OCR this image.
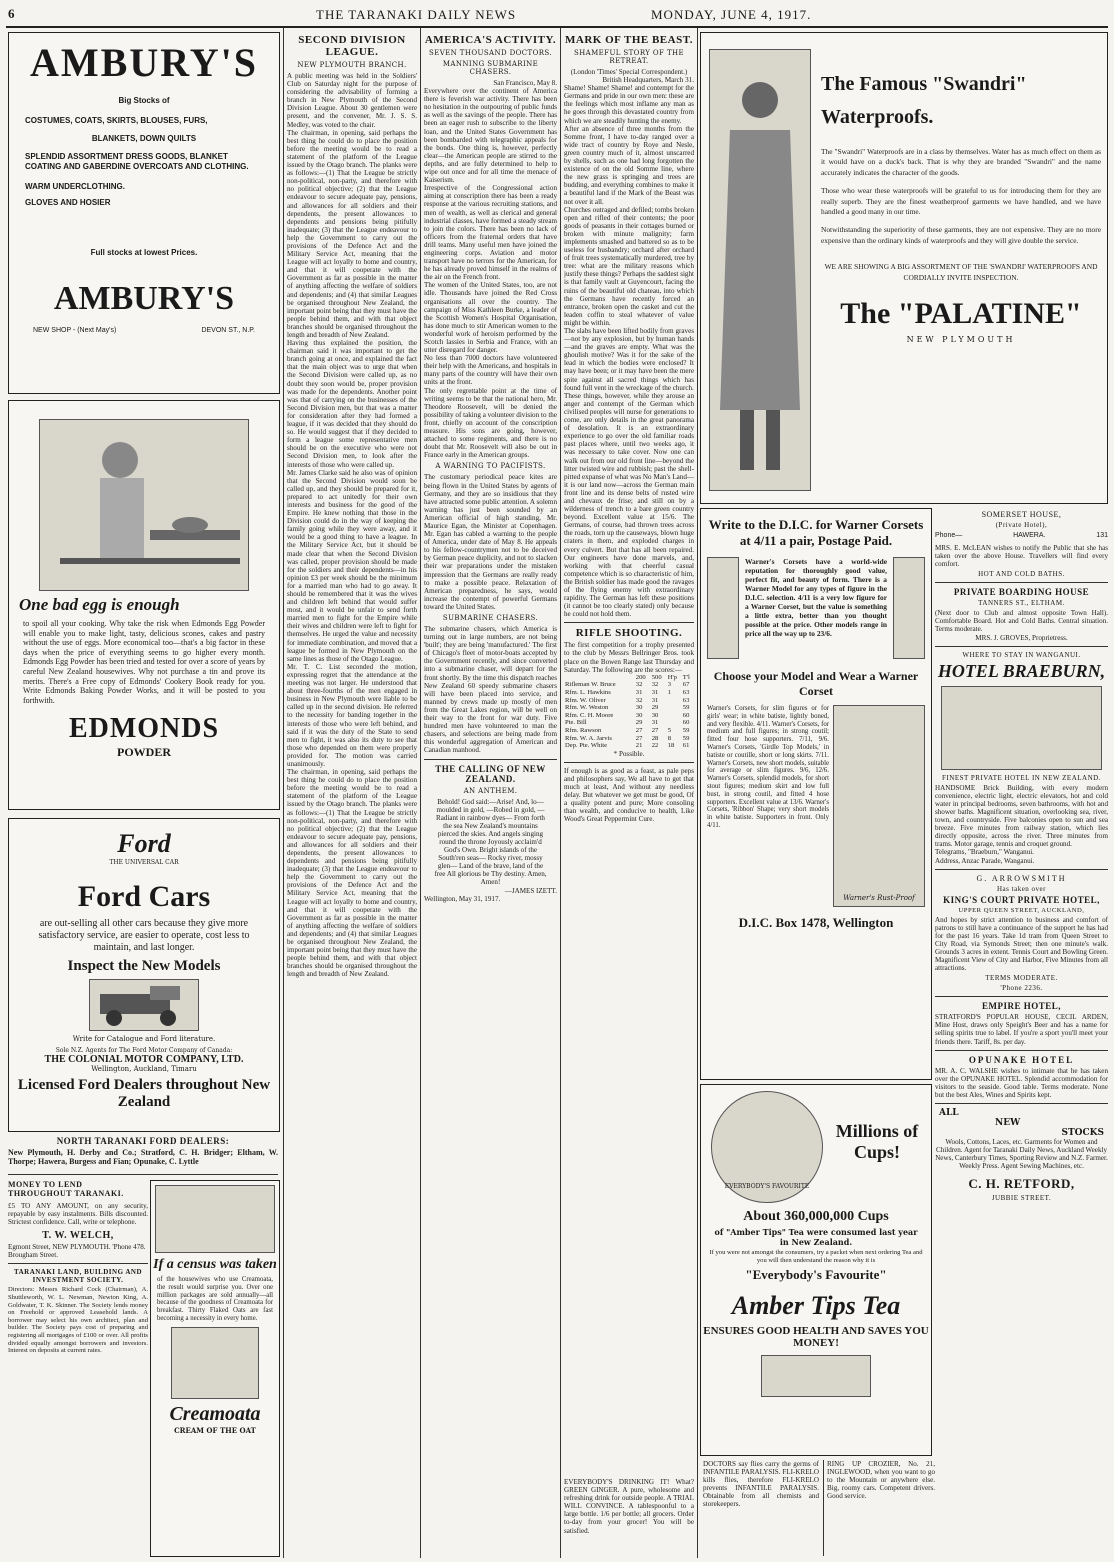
6	THE TARANAKI DAILY NEWS	MONDAY, JUNE 4, 1917.
AMBURY'S
Big Stocks of
COSTUMES, COATS, SKIRTS, BLOUSES, FURS,
BLANKETS, DOWN QUILTS
SPLENDID ASSORTMENT DRESS GOODS, BLANKET COATING AND GABERDINE OVERCOATS AND CLOTHING.
WARM UNDERCLOTHING.
GLOVES AND HOSIER
Full stocks at lowest Prices.
AMBURY'S
NEW SHOP - (Next May's)	DEVON ST., N.P.
One bad egg is enough

to spoil all your cooking. Why take the risk when Edmonds Egg Powder will enable you to make light, tasty, delicious scones, cakes and pastry without the use of eggs. More economical too—that's a big factor in these days when the price of everything seems to go higher every month. Edmonds Egg Powder has been tried and tested for over a score of years by careful New Zealand housewives. Why not purchase a tin and prove its merits. There's a Free copy of Edmonds' Cookery Book ready for you. Write Edmonds Baking Powder Works, and it will be posted to you forthwith.

EDMONDS
POWDER
Ford
THE UNIVERSAL CAR
Ford Cars

are out-selling all other cars because they give more satisfactory service, are easier to operate, cost less to maintain, and last longer.

Inspect the New Models
Write for Catalogue and Ford literature.
Sole N.Z. Agents for The Ford Motor Company of Canada:
THE COLONIAL MOTOR COMPANY, LTD.
Wellington, Auckland, Timaru
Licensed Ford Dealers throughout New Zealand
NORTH TARANAKI FORD DEALERS:

New Plymouth, H. Derby and Co.; Stratford, C. H. Bridger; Eltham, W. Thorpe; Hawera, Burgess and Fian; Opunake, C. Lyttle

MONEY TO LEND THROUGHOUT TARANAKI.

£5 TO ANY AMOUNT, on any security, repayable by easy instalments. Bills discounted. Strictest confidence. Call, write or telephone.

T. W. WELCH,

Egmont Street, NEW PLYMOUTH. 'Phone 478.

Brougham Street.

TARANAKI LAND, BUILDING AND INVESTMENT SOCIETY.

Directors: Messrs Richard Cock (Chairman), A. Shuttleworth, W. L. Newman, Newton King, A. Goldwater, T. K. Skinner. The Society lends money on Freehold or approved Leasehold lands. A borrower may select his own architect, plan and builder. The Society pays cost of preparing and registering all mortgages of £100 or over. All profits divided equally amongst borrowers and investors. Interest on deposits at current rates.

If a census was taken

of the housewives who use Creamoata, the result would surprise you. Over one million packages are sold annually—all because of the goodness of Creamoata for breakfast. Thirty Flaked Oats are fast becoming a necessity in every home.

Creamoata
CREAM OF THE OAT
SECOND DIVISION LEAGUE.
NEW PLYMOUTH BRANCH.

A public meeting was held in the Soldiers' Club on Saturday night for the purpose of considering the advisability of forming a branch in New Plymouth of the Second Division League. About 30 gentlemen were present, and the convener, Mr. J. S. S. Medley, was voted to the chair.

The chairman, in opening, said perhaps the best thing he could do to place the position before the meeting would be to read a statement of the platform of the League issued by the Otago branch. The planks were as follows:—(1) That the League be strictly non-political, non-party, and therefore with no political objective; (2) that the League endeavour to secure adequate pay, pensions, and allowances for all soldiers and their dependents, the present allowances to dependents and pensions being pitifully inadequate; (3) that the League endeavour to help the Government to carry out the provisions of the Defence Act and the Military Service Act, meaning that the League will act loyally to home and country, and that it will cooperate with the Government as far as possible in the matter of anything affecting the welfare of soldiers and dependents; and (4) that similar Leagues be organised throughout New Zealand, the important point being that they must have the people behind them, and with that object branches should be organised throughout the length and breadth of New Zealand.

Having thus explained the position, the chairman said it was important to get the branch going at once, and explained the fact that the main object was to urge that when the Second Division were called up, as no doubt they soon would be, proper provision was made for the dependents. Another point was that of carrying on the businesses of the Second Division men, but that was a matter for consideration after they had formed a league, if it was decided that they should do so. He would suggest that if they decided to form a league some representative men should be on the executive who were not Second Division men, to look after the interests of those who were called up.

Mr. James Clarke said he also was of opinion that the Second Division would soon be called up, and they should be prepared for it, prepared to act unitedly for their own interests and business for the good of the Empire. He knew nothing that those in the Division could do in the way of keeping the family going while they were away, and it would be a good thing to have a league. In the Military Service Act, but it should be made clear that when the Second Division was called, proper provision should be made for the soldiers and their dependents—in his opinion £3 per week should be the minimum for a married man who had to go away. It should be remembered that it was the wives and children left behind that would suffer most, and it would be unfair to send forth married men to fight for the Empire while their wives and children were left to fight for themselves. He urged the value and necessity for immediate combination, and moved that a league be formed in New Plymouth on the same lines as those of the Otago League.

Mr. T. C. List seconded the motion, expressing regret that the attendance at the meeting was not larger. He understood that about three-fourths of the men engaged in business in New Plymouth were liable to be called up in the second division. He referred to the necessity for banding together in the interests of those who were left behind, and said if it was the duty of the State to send men to fight, it was also its duty to see that those who depended on them were properly provided for. The motion was carried unanimously.

The chairman, in opening, said perhaps the best thing he could do to place the position before the meeting would be to read a statement of the platform of the League issued by the Otago branch. The planks were as follows:—(1) That the League be strictly non-political, non-party, and therefore with no political objective; (2) that the League endeavour to secure adequate pay, pensions, and allowances for all soldiers and their dependents, the present allowances to dependents and pensions being pitifully inadequate; (3) that the League endeavour to help the Government to carry out the provisions of the Defence Act and the Military Service Act, meaning that the League will act loyally to home and country, and that it will cooperate with the Government as far as possible in the matter of anything affecting the welfare of soldiers and dependents; and (4) that similar Leagues be organised throughout New Zealand, the important point being that they must have the people behind them, and with that object branches should be organised throughout the length and breadth of New Zealand.

AMERICA'S ACTIVITY.
SEVEN THOUSAND DOCTORS.
MANNING SUBMARINE CHASERS.

San Francisco, May 8.

Everywhere over the continent of America there is feverish war activity. There has been no hesitation in the outpouring of public funds as well as the savings of the people. There has been an eager rush to subscribe to the liberty loan, and the United States Government has been bombarded with telegraphic appeals for the bonds. One thing is, however, perfectly clear—the American people are stirred to the depths, and are fully determined to help to wipe out once and for all time the menace of Kaiserism.

Irrespective of the Congressional action aiming at conscription there has been a ready response at the various recruiting stations, and men of wealth, as well as clerical and general industrial classes, have formed a steady stream to join the colors. There has been no lack of officers from the fraternal orders that have drill teams. Many useful men have joined the engineering corps. Aviation and motor transport have no terrors for the American, for he has already proved himself in the realms of the air on the French front.

The women of the United States, too, are not idle. Thousands have joined the Red Cross organisations all over the country. The campaign of Miss Kathleen Burke, a leader of the Scottish Women's Hospital Organisation, has done much to stir American women to the wonderful work of heroism performed by the Scotch lassies in Serbia and France, with an utter disregard for danger.

No less than 7000 doctors have volunteered their help with the Americans, and hospitals in many parts of the country will have their own units at the front.

The only regrettable point at the time of writing seems to be that the national hero, Mr. Theodore Roosevelt, will be denied the possibility of taking a volunteer division to the front, chiefly on account of the conscription measure. His sons are going, however, attached to some regiments, and there is no doubt that Mr. Roosevelt will also be out in France early in the American groups.

A WARNING TO PACIFISTS.

The customary periodical peace kites are being flown in the United States by agents of Germany, and they are so insidious that they have attracted some public attention. A solemn warning has just been sounded by an American official of high standing, Mr. Maurice Egan, the Minister at Copenhagen. Mr. Egan has cabled a warning to the people of America, under date of May 8. He appeals to his fellow-countrymen not to be deceived by German peace duplicity, and not to slacken their war preparations under the mistaken impression that the Germans are really ready to make a possible peace. Relaxation of American preparedness, he says, would increase the contempt of powerful Germans toward the United States.

SUBMARINE CHASERS.

The submarine chasers, which America is turning out in large numbers, are not being 'built'; they are being 'manufactured.' The first of Chicago's fleet of motor-boats accepted by the Government recently, and since converted into a submarine chaser, will depart for the front shortly. By the time this dispatch reaches New Zealand 60 speedy submarine chasers will have been placed into service, and manned by crews made up mostly of men from the Great Lakes region, will be well on their way to the front for war duty. Five hundred men have volunteered to man the chasers, and selections are being made from this wonderful aggregation of American and Canadian manhood.

THE CALLING OF NEW ZEALAND.
AN ANTHEM.

Behold! God said:—Arise! And, lo—moulded in gold, —Robed in gold, —Radiant in rainbow dyes— From forth the sea New Zealand's mountains pierced the skies. And angels singing round the throne Joyously acclaim'd God's Own. Bright islands of the South'ren seas— Rocky river, mossy glen— Land of the brave, land of the free All glorious be Thy destiny. Amen, Amen!

—JAMES IZETT.

Wellington, May 31, 1917.

MARK OF THE BEAST.
SHAMEFUL STORY OF THE RETREAT.

(London 'Times' Special Correspondent.)

British Headquarters, March 31.

Shame! Shame! Shame! and contempt for the Germans and pride in our own men: these are the feelings which most inflame any man as he goes through this devastated country from which we are steadily hunting the enemy.

After an absence of three months from the Somme front, I have to-day ranged over a wide tract of country by Roye and Nesle, green country much of it, almost unscarred by shells, such as one had long forgotten the existence of on the old Somme line, where the new grass is springing and trees are budding, and everything combines to make it a beautiful land if the Mark of the Beast was not over it all.

Churches outraged and defiled; tombs broken open and rifled of their contents; the poor goods of peasants in their cottages burned or broken with minute malignity; farm implements smashed and battered so as to be useless for husbandry; orchard after orchard of fruit trees systematically murdered, tree by tree: what are the military reasons which justify these things? Perhaps the saddest sight is that family vault at Guyencourt, facing the ruins of the beautiful old chateau, into which the Germans have recently forced an entrance, broken open the casket and cut the leaden coffin to steal whatever of value might be within.

The slabs have been lifted bodily from graves—not by any explosion, but by human hands—and the graves are empty. What was the ghoulish motive? Was it for the sake of the lead in which the bodies were enclosed? It may have been; or it may have been the mere spite against all sacred things which has found full vent in the wreckage of the church.

These things, however, while they arouse an anger and contempt of the German which civilised peoples will nurse for generations to come, are only details in the great panorama of desolation. It is an extraordinary experience to go over the old familiar roads past places where, until two weeks ago, it was necessary to take cover. Now one can walk out from our old front line—beyond the litter twisted wire and rubbish; past the shell-pitted expanse of what was No Man's Land—it is our land now—across the German main front line and its dense belts of rusted wire and chevaux de frise; and still on by a wilderness of trench to a bare green country beyond. Excellent value at 15/6. The Germans, of course, had thrown trees across the roads, torn up the causeways, blown huge craters in them, and exploded charges in every culvert. But that has all been repaired. Our engineers have done marvels, and, working with that cheerful casual competence which is so characteristic of him, the British soldier has made good the ravages of the flying enemy with extraordinary rapidity. The German has left these positions (it cannot be too clearly stated) only because he could not hold them.

RIFLE SHOOTING.

The first competition for a trophy presented to the club by Messrs Bellringer Bros. took place on the Bowen Range last Thursday and Saturday. The following are the scores:—

	200	500	H'p	T'l
Rifleman W. Bruce	32	32	3	67
Rfm. L. Hawkins	31	31	1	63
Rfm. W. Oliver	32	31		63
Rfm. W. Weston	30	29		59
Rfm. C. H. Moore	30	30		60
Pte. Bill	29	31		60
Rfm. Rawson	27	27	5	59
Rfm. W. A. Jarvis	27	28	8	59
Dep. Pte. White	21	22	18	61

* Possible.

If enough is as good as a feast, as pale peps and philosophers say, We all have to get that much at least, And without any needless delay. But whatever we get must be good, Of a quality potent and pure; More consoling than wealth, and conducive to health, Like Wood's Great Peppermint Cure.

The Famous "Swandri"
Waterproofs.

The "Swandri" Waterproofs are in a class by themselves. Water has as much effect on them as it would have on a duck's back. That is why they are branded "Swandri" and the name accurately indicates the character of the goods.

Those who wear these waterproofs will be grateful to us for introducing them for they are really superb. They are the finest weatherproof garments we have handled, and we have handled a good many in our time.

Notwithstanding the superiority of these garments, they are not expensive. They are no more expensive than the ordinary kinds of waterproofs and they will give double the service.

WE ARE SHOWING A BIG ASSORTMENT OF THE 'SWANDRI' WATERPROOFS AND CORDIALLY INVITE INSPECTION.

The "PALATINE"
NEW PLYMOUTH
Write to the D.I.C. for Warner Corsets at 4/11 a pair, Postage Paid.

Warner's Corsets have a world-wide reputation for thoroughly good value, perfect fit, and beauty of form. There is a Warner Model for any types of figure in the D.I.C. selection. 4/11 is a very low figure for a Warner Corset, but the value is something a little extra, better than you thought possible at the price. Other models range in price all the way up to 23/6.

Choose your Model and Wear a Warner Corset

Warner's Corsets, for slim figures or for girls' wear; in white batiste, lightly boned, and very flexible. 4/11. Warner's Corsets, for medium and full figures; in strong coutil; fitted four hose supporters. 7/11, 9/6. Warner's Corsets, 'Girdle Top Models,' in batiste or coutille, short or long skirts. 7/11. Warner's Corsets, new short models, suitable for average or slim figures. 9/6, 12/6. Warner's Corsets, splendid models, for short stout figures; medium skirt and low full bust, in strong coutil, and fitted 4 hose supporters. Excellent value at 13/6. Warner's Corsets, 'Ribbon' Shape; very short models in white batiste. Supporters in front. Only 4/11.

Warner's Rust-Proof
D.I.C. Box 1478, Wellington
EVERYBODY'S FAVOURITE
Millions of Cups!
About 360,000,000 Cups
of "Amber Tips" Tea were consumed last year in New Zealand.

If you were not amongst the consumers, try a packet when next ordering Tea and you will then understand the reason why it is

"Everybody's Favourite"
Amber Tips Tea
ENSURES GOOD HEALTH AND SAVES YOU MONEY!

EVERYBODY'S DRINKING IT! What? GREEN GINGER. A pure, wholesome and refreshing drink for outside people. A TRIAL WILL CONVINCE. A tablespoonful to a large bottle. 1/6 per bottle; all grocers. Order to-day from your grocer! You will be satisfied.

DOCTORS say flies carry the germs of INFANTILE PARALYSIS. FLI-KRELO kills flies, therefore FLI-KRELO prevents INFANTILE PARALYSIS. Obtainable from all chemists and storekeepers.

RING UP CROZIER, No. 21, INGLEWOOD, when you want to go to the Mountain or anywhere else. Big, roomy cars. Competent drivers. Good service.

SOMERSET HOUSE,
(Private Hotel),
Phone—	HAWERA.	131

MRS. E. McLEAN wishes to notify the Public that she has taken over the above House. Travellers will find every comfort.

HOT AND COLD BATHS.
PRIVATE BOARDING HOUSE
TANNERS ST., ELTHAM.

(Next door to Club and almost opposite Town Hall). Comfortable Board. Hot and Cold Baths. Central situation. Terms moderate.

MRS. J. GROVES, Proprietress.

WHERE TO STAY IN WANGANUI.
HOTEL BRAEBURN,
FINEST PRIVATE HOTEL IN NEW ZEALAND.

HANDSOME Brick Building, with every modern convenience, electric light, electric elevators, hot and cold water in principal bedrooms, seven bathrooms, with hot and shower baths. Magnificent situation, overlooking sea, river, town, and countryside. Five balconies open to sun and sea breeze. Five minutes from railway station, which lies directly opposite, across the river. Three minutes from trams. Motor garage, tennis and croquet ground.

Telegrams, "Braeburn," Wanganui.

Address, Anzac Parade, Wanganui.

G. ARROWSMITH
Has taken over
KING'S COURT PRIVATE HOTEL,
UPPER QUEEN STREET, AUCKLAND,

And hopes by strict attention to business and comfort of patrons to still have a continuance of the support he has had for the past 16 years. Take 1d tram from Queen Street to City Road, via Symonds Street; then one minute's walk. Grounds 3 acres in extent. Tennis Court and Bowling Green. Magnificent View of City and Harbor, Five Minutes from all attractions.

TERMS MODERATE.
'Phone 2236.
EMPIRE HOTEL,

STRATFORD'S POPULAR HOUSE, CECIL ARDEN, Mine Host, draws only Speight's Beer and has a name for selling spirits true to label. If you're a sport you'll meet your friends there. Tariff, 8s. per day.

OPUNAKE HOTEL

MR. A. C. WALSHE wishes to intimate that he has taken over the OPUNAKE HOTEL. Splendid accommodation for visitors to the seaside. Good table. Terms moderate. None but the best Ales, Wines and Spirits kept.

ALL
NEW
STOCKS

Wools, Cottons, Laces, etc. Garments for Women and Children. Agent for Taranaki Daily News, Auckland Weekly News, Canterbury Times, Sporting Review and N.Z. Farmer. Weekly Press. Agent Sewing Machines, etc.

C. H. RETFORD,
JUBBIE STREET.
